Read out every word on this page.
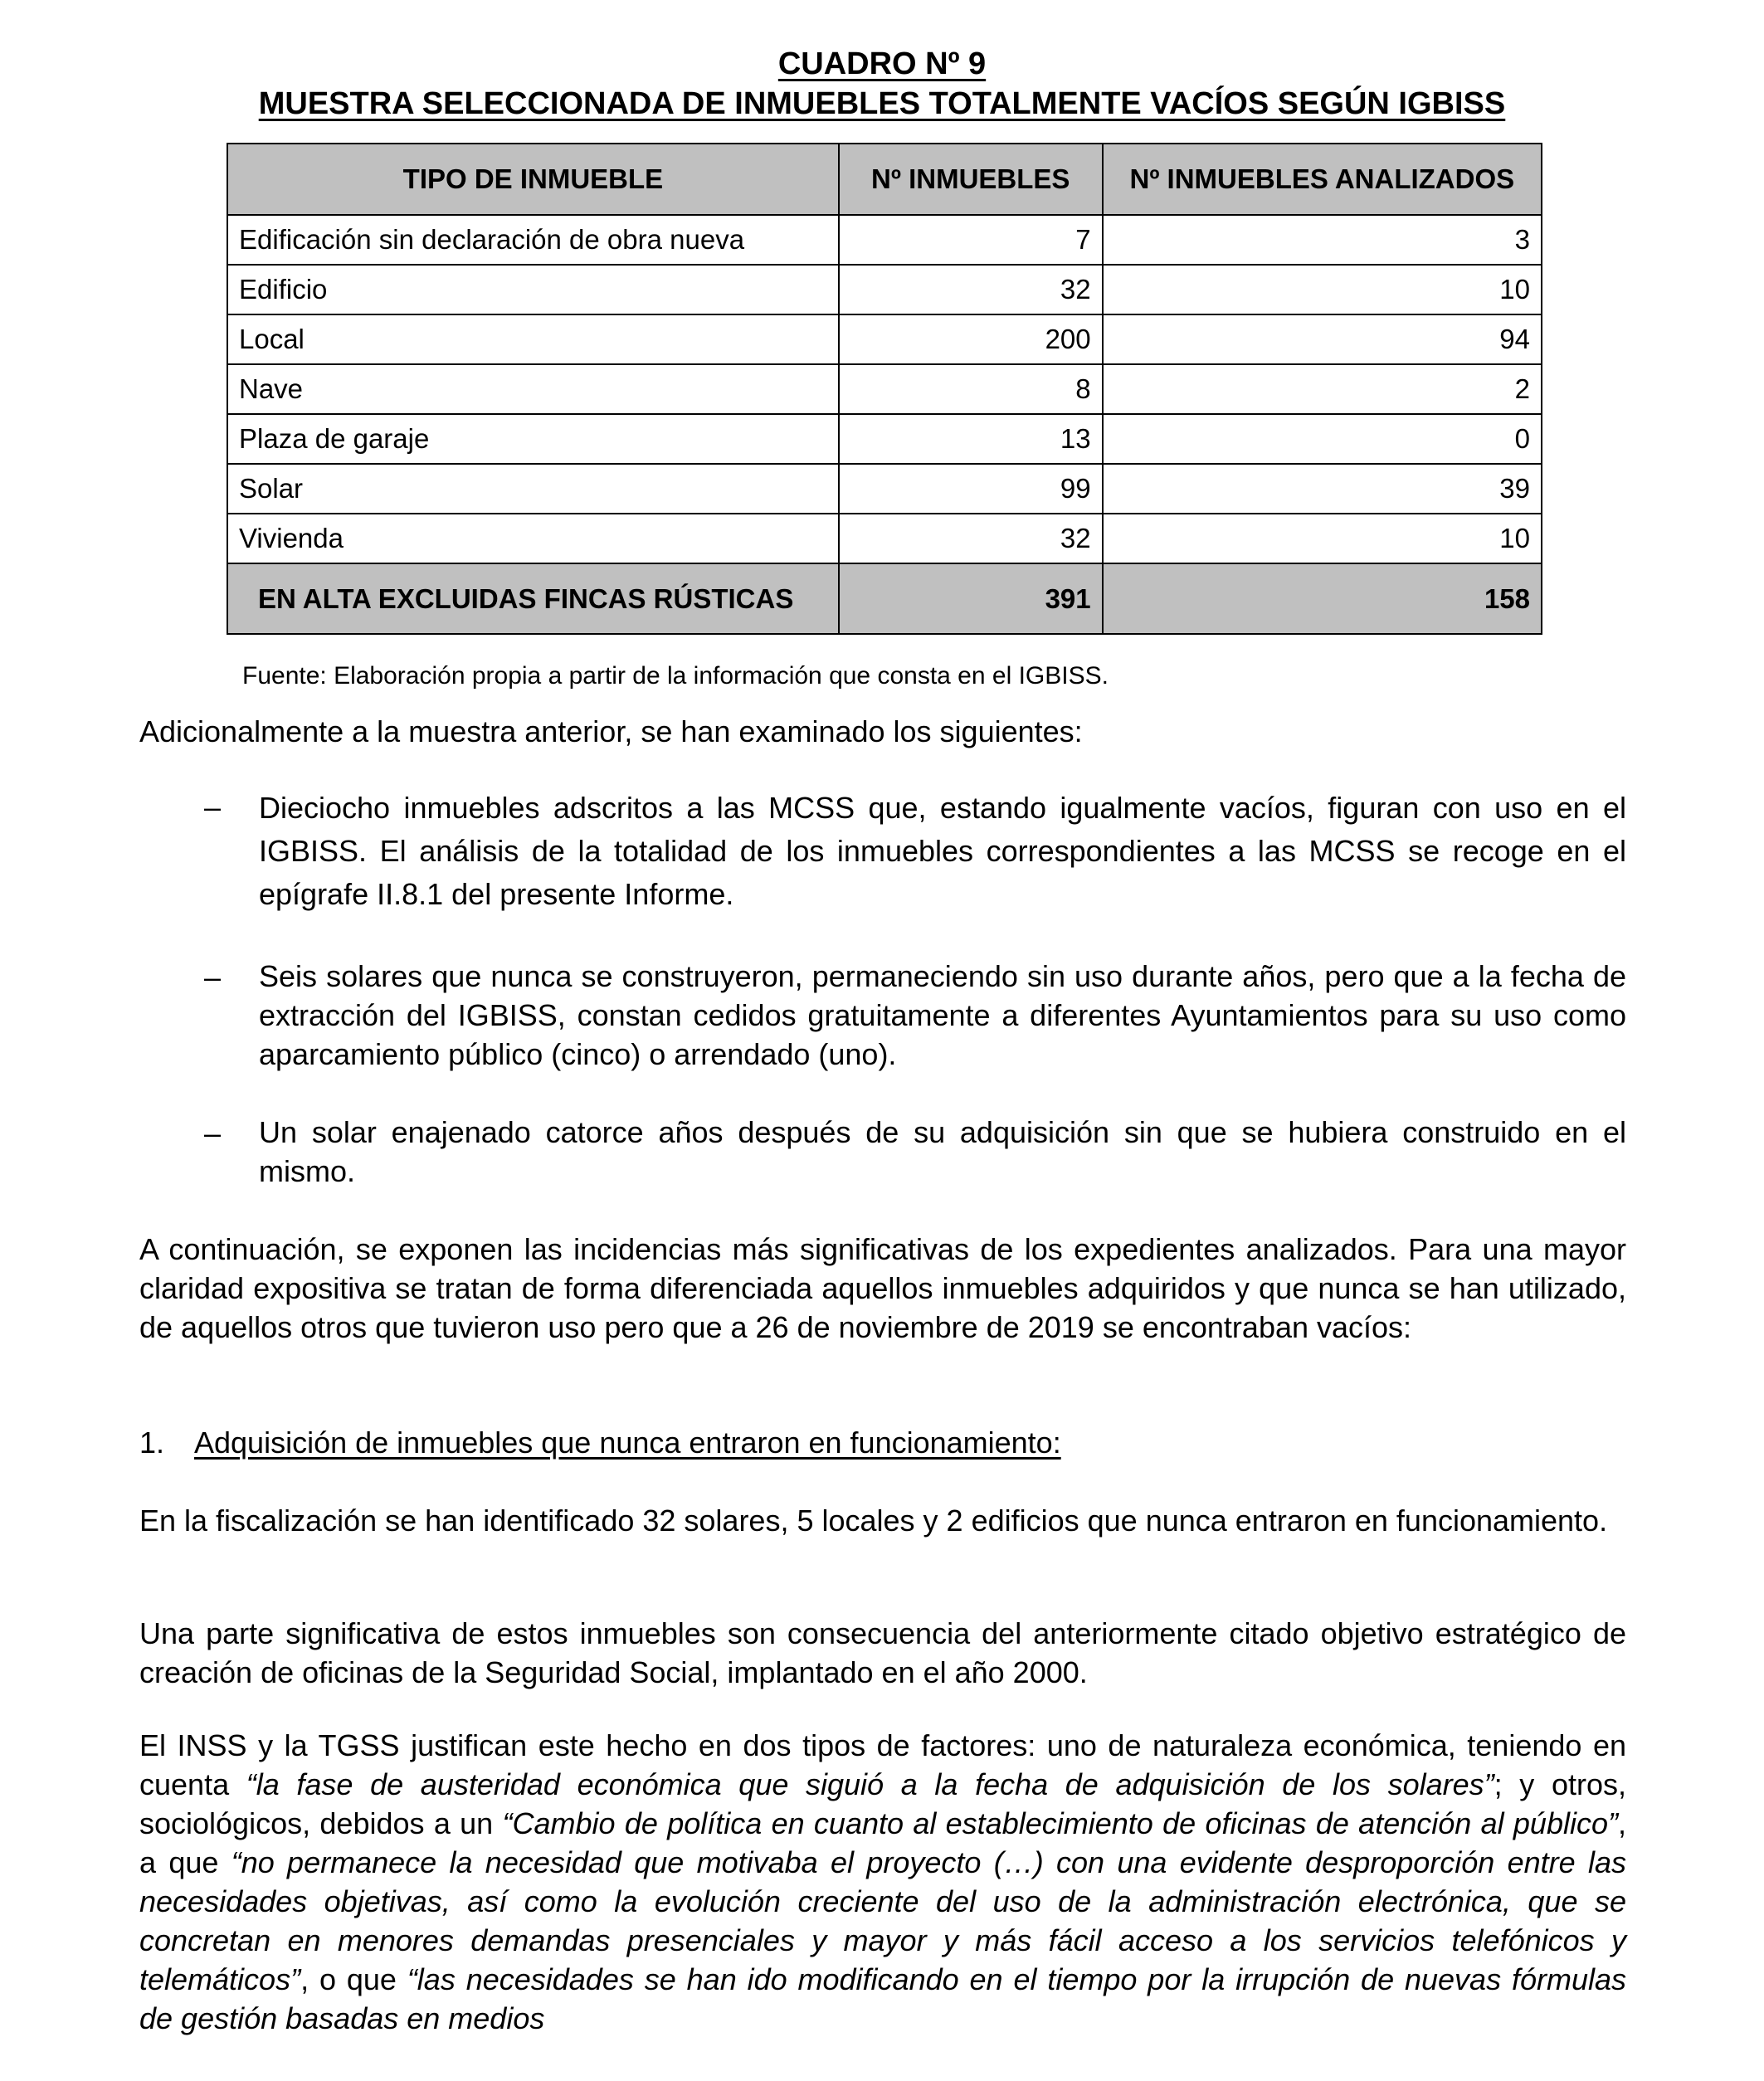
CUADRO Nº 9
MUESTRA SELECCIONADA DE INMUEBLES TOTALMENTE VACÍOS SEGÚN IGBISS
TIPO DE INMUEBLE	Nº INMUEBLES	Nº INMUEBLES ANALIZADOS
Edificación sin declaración de obra nueva	7	3
Edificio	32	10
Local	200	94
Nave	8	2
Plaza de garaje	13	0
Solar	99	39
Vivienda	32	10
EN ALTA EXCLUIDAS FINCAS RÚSTICAS	391	158
Fuente: Elaboración propia a partir de la información que consta en el IGBISS.
Adicionalmente a la muestra anterior, se han examinado los siguientes:
– Dieciocho inmuebles adscritos a las MCSS que, estando igualmente vacíos, figuran con uso en el IGBISS. El análisis de la totalidad de los inmuebles correspondientes a las MCSS se recoge en el epígrafe II.8.1 del presente Informe.
– Seis solares que nunca se construyeron, permaneciendo sin uso durante años, pero que a la fecha de extracción del IGBISS, constan cedidos gratuitamente a diferentes Ayuntamientos para su uso como aparcamiento público (cinco) o arrendado (uno).
– Un solar enajenado catorce años después de su adquisición sin que se hubiera construido en el mismo.
A continuación, se exponen las incidencias más significativas de los expedientes analizados. Para una mayor claridad expositiva se tratan de forma diferenciada aquellos inmuebles adquiridos y que nunca se han utilizado, de aquellos otros que tuvieron uso pero que a 26 de noviembre de 2019 se encontraban vacíos:
1. Adquisición de inmuebles que nunca entraron en funcionamiento:
En la fiscalización se han identificado 32 solares, 5 locales y 2 edificios que nunca entraron en funcionamiento.
Una parte significativa de estos inmuebles son consecuencia del anteriormente citado objetivo estratégico de creación de oficinas de la Seguridad Social, implantado en el año 2000.
El INSS y la TGSS justifican este hecho en dos tipos de factores: uno de naturaleza económica, teniendo en cuenta “la fase de austeridad económica que siguió a la fecha de adquisición de los solares”; y otros, sociológicos, debidos a un “Cambio de política en cuanto al establecimiento de oficinas de atención al público”, a que “no permanece la necesidad que motivaba el proyecto (…) con una evidente desproporción entre las necesidades objetivas, así como la evolución creciente del uso de la administración electrónica, que se concretan en menores demandas presenciales y mayor y más fácil acceso a los servicios telefónicos y telemáticos”, o que “las necesidades se han ido modificando en el tiempo por la irrupción de nuevas fórmulas de gestión basadas en medios
